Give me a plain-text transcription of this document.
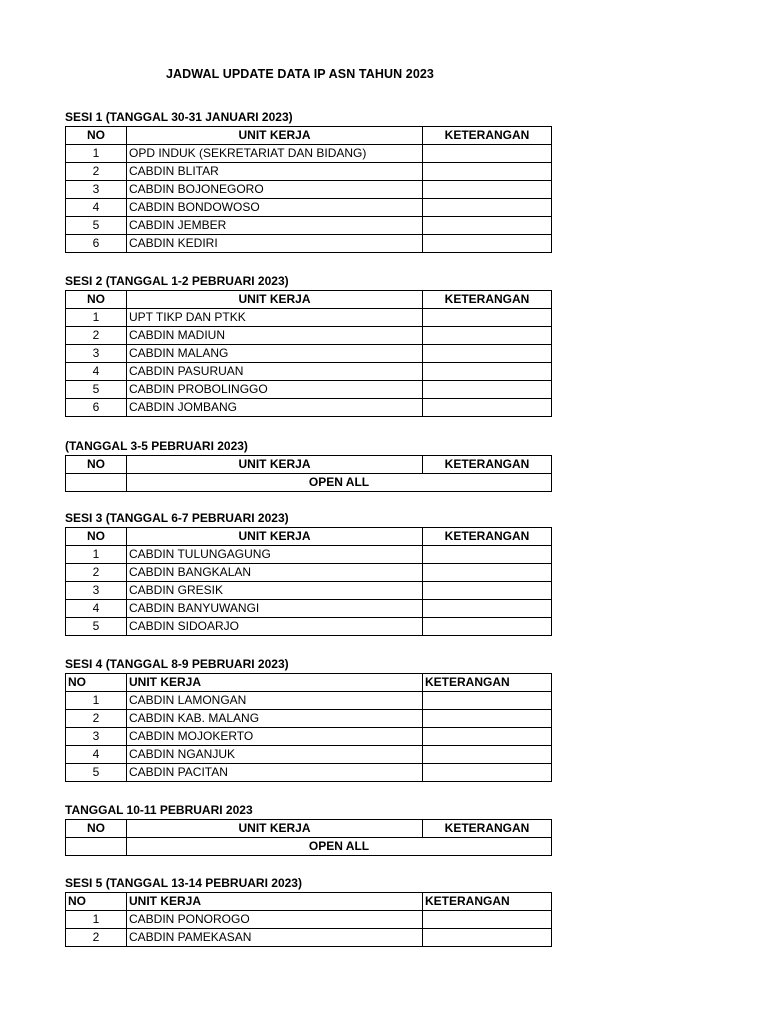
JADWAL UPDATE DATA IP ASN TAHUN 2023
SESI 1 (TANGGAL 30-31 JANUARI 2023)
NO	UNIT KERJA	KETERANGAN
1	OPD INDUK (SEKRETARIAT DAN BIDANG)	
2	CABDIN BLITAR	
3	CABDIN BOJONEGORO	
4	CABDIN BONDOWOSO	
5	CABDIN JEMBER	
6	CABDIN KEDIRI	
SESI 2 (TANGGAL 1-2 PEBRUARI 2023)
NO	UNIT KERJA	KETERANGAN
1	UPT TIKP DAN PTKK	
2	CABDIN MADIUN	
3	CABDIN MALANG	
4	CABDIN PASURUAN	
5	CABDIN PROBOLINGGO	
6	CABDIN JOMBANG	
(TANGGAL 3-5 PEBRUARI 2023)
NO	UNIT KERJA	KETERANGAN
	OPEN ALL	
SESI 3 (TANGGAL 6-7 PEBRUARI 2023)
NO	UNIT KERJA	KETERANGAN
1	CABDIN TULUNGAGUNG	
2	CABDIN BANGKALAN	
3	CABDIN GRESIK	
4	CABDIN BANYUWANGI	
5	CABDIN SIDOARJO	
SESI 4 (TANGGAL 8-9 PEBRUARI 2023)
NO	UNIT KERJA	KETERANGAN
1	CABDIN LAMONGAN	
2	CABDIN KAB. MALANG	
3	CABDIN MOJOKERTO	
4	CABDIN NGANJUK	
5	CABDIN PACITAN	
TANGGAL 10-11 PEBRUARI 2023
NO	UNIT KERJA	KETERANGAN
	OPEN ALL	
SESI 5 (TANGGAL 13-14 PEBRUARI 2023)
NO	UNIT KERJA	KETERANGAN
1	CABDIN PONOROGO	
2	CABDIN PAMEKASAN	
